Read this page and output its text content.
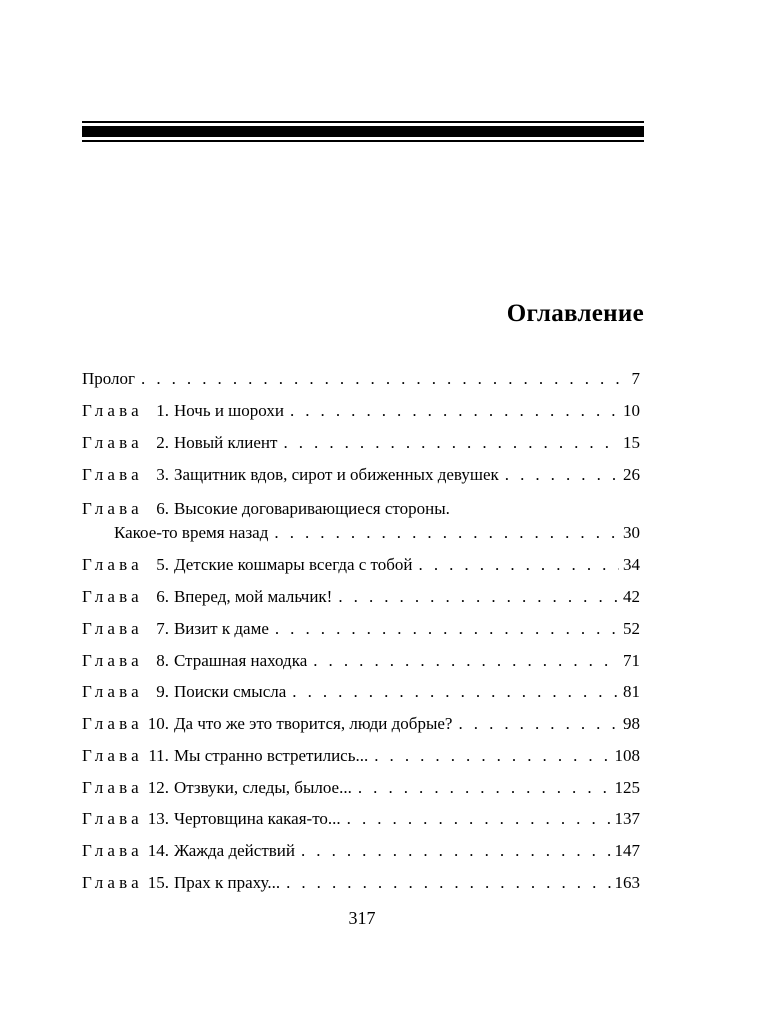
Оглавление
Пролог . . .	7
Глава 1. Ночь и шорохи . . .	10
Глава 2. Новый клиент . . .	15
Глава 3. Защитник вдов, сирот и обиженных девушек . . .	26
Глава 6. Высокие договаривающиеся стороны.
Какое-то время назад . . .	30
Глава 5. Детские кошмары всегда с тобой . . .	34
Глава 6. Вперед, мой мальчик! . . .	42
Глава 7. Визит к даме . . .	52
Глава 8. Страшная находка . . .	71
Глава 9. Поиски смысла . . .	81
Глава 10. Да что же это творится, люди добрые? . . .	98
Глава 11. Мы странно встретились... . . .	108
Глава 12. Отзвуки, следы, былое... . . .	125
Глава 13. Чертовщина какая-то... . . .	137
Глава 14. Жажда действий . . .	147
Глава 15. Прах к праху... . . .	163
317
